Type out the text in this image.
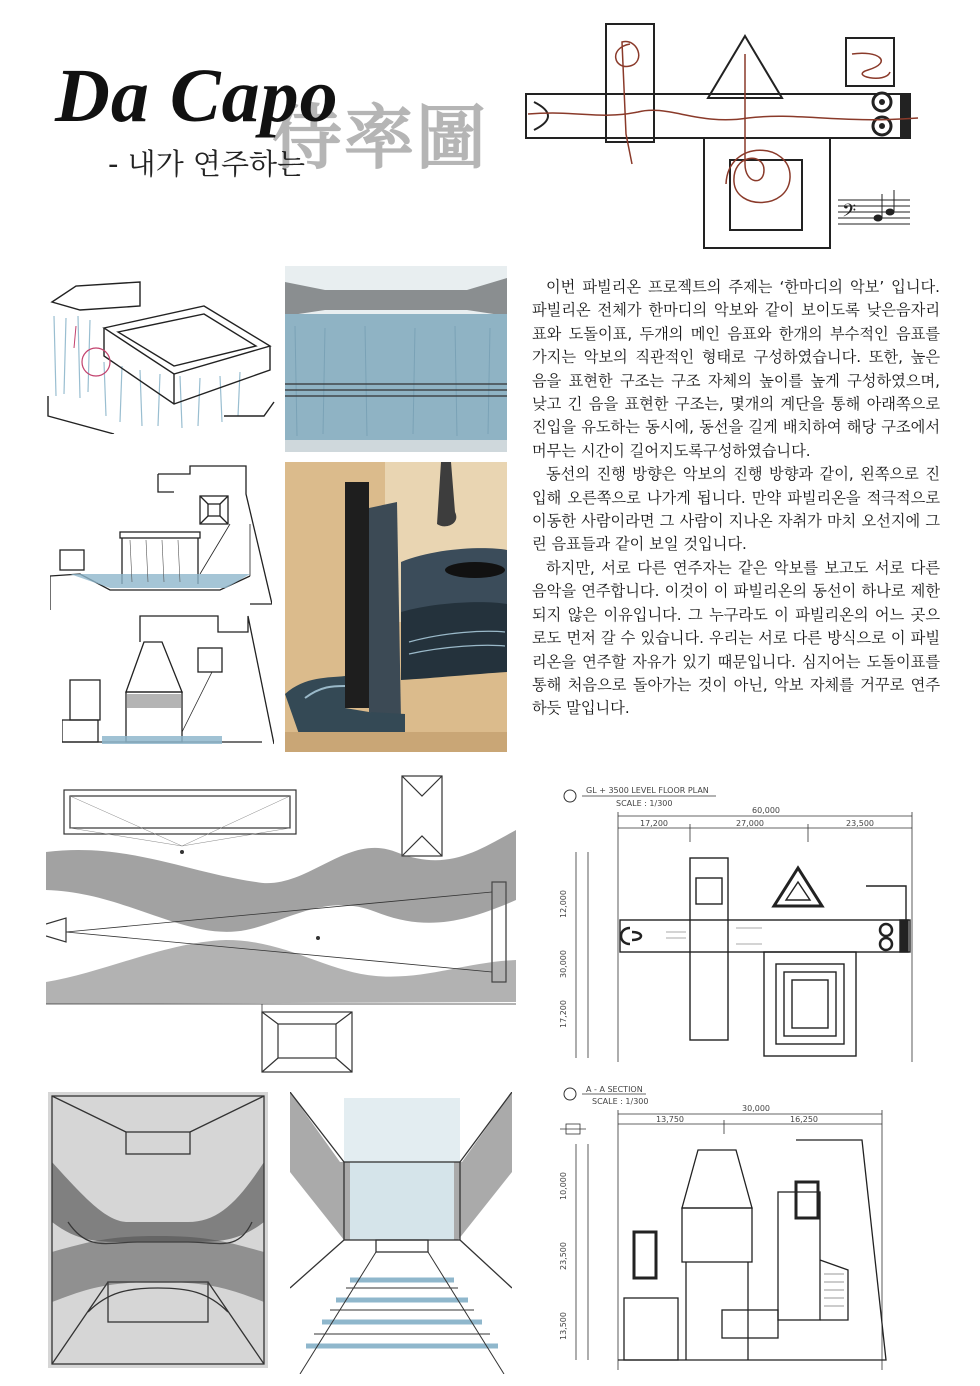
侍率圖
Da Capo
- 내가 연주하는
𝄢

이번 파빌리온 프로젝트의 주제는 ‘한마디의 악보’ 입니다. 파빌리온 전체가 한마디의 악보와 같이 보이도록 낮은음자리표와 도돌이표, 두개의 메인 음표와 한개의 부수적인 음표를 가지는 악보의 직관적인 형태로 구성하였습니다. 또한, 높은 음을 표현한 구조는 구조 자체의 높이를 높게 구성하였으며, 낮고 긴 음을 표현한 구조는, 몇개의 계단을 통해 아래쪽으로 진입을 유도하는 동시에, 동선을 길게 배치하여 해당 구조에서 머무는 시간이 길어지도록구성하였습니다.

동선의 진행 방향은 악보의 진행 방향과 같이, 왼쪽으로 진입해 오른쪽으로 나가게 됩니다. 만약 파빌리온을 적극적으로 이동한 사람이라면 그 사람이 지나온 자취가 마치 오선지에 그린 음표들과 같이 보일 것입니다.

하지만, 서로 다른 연주자는 같은 악보를 보고도 서로 다른 음악을 연주합니다. 이것이 이 파빌리온의 동선이 하나로 제한되지 않은 이유입니다. 그 누구라도 이 파빌리온의 어느 곳으로도 먼저 갈 수 있습니다. 우리는 서로 다른 방식으로 이 파빌리온을 연주할 자유가 있기 때문입니다. 심지어는 도돌이표를 통해 처음으로 돌아가는 것이 아닌, 악보 자체를 거꾸로 연주하듯 말입니다.

GL + 3500 LEVEL FLOOR PLAN
SCALE : 1/300
60,000
17,200	27,000	23,500
12,000
30,000
17,200
A - A SECTION
SCALE : 1/300
30,000
13,750	16,250
10,000
23,500
13,500
